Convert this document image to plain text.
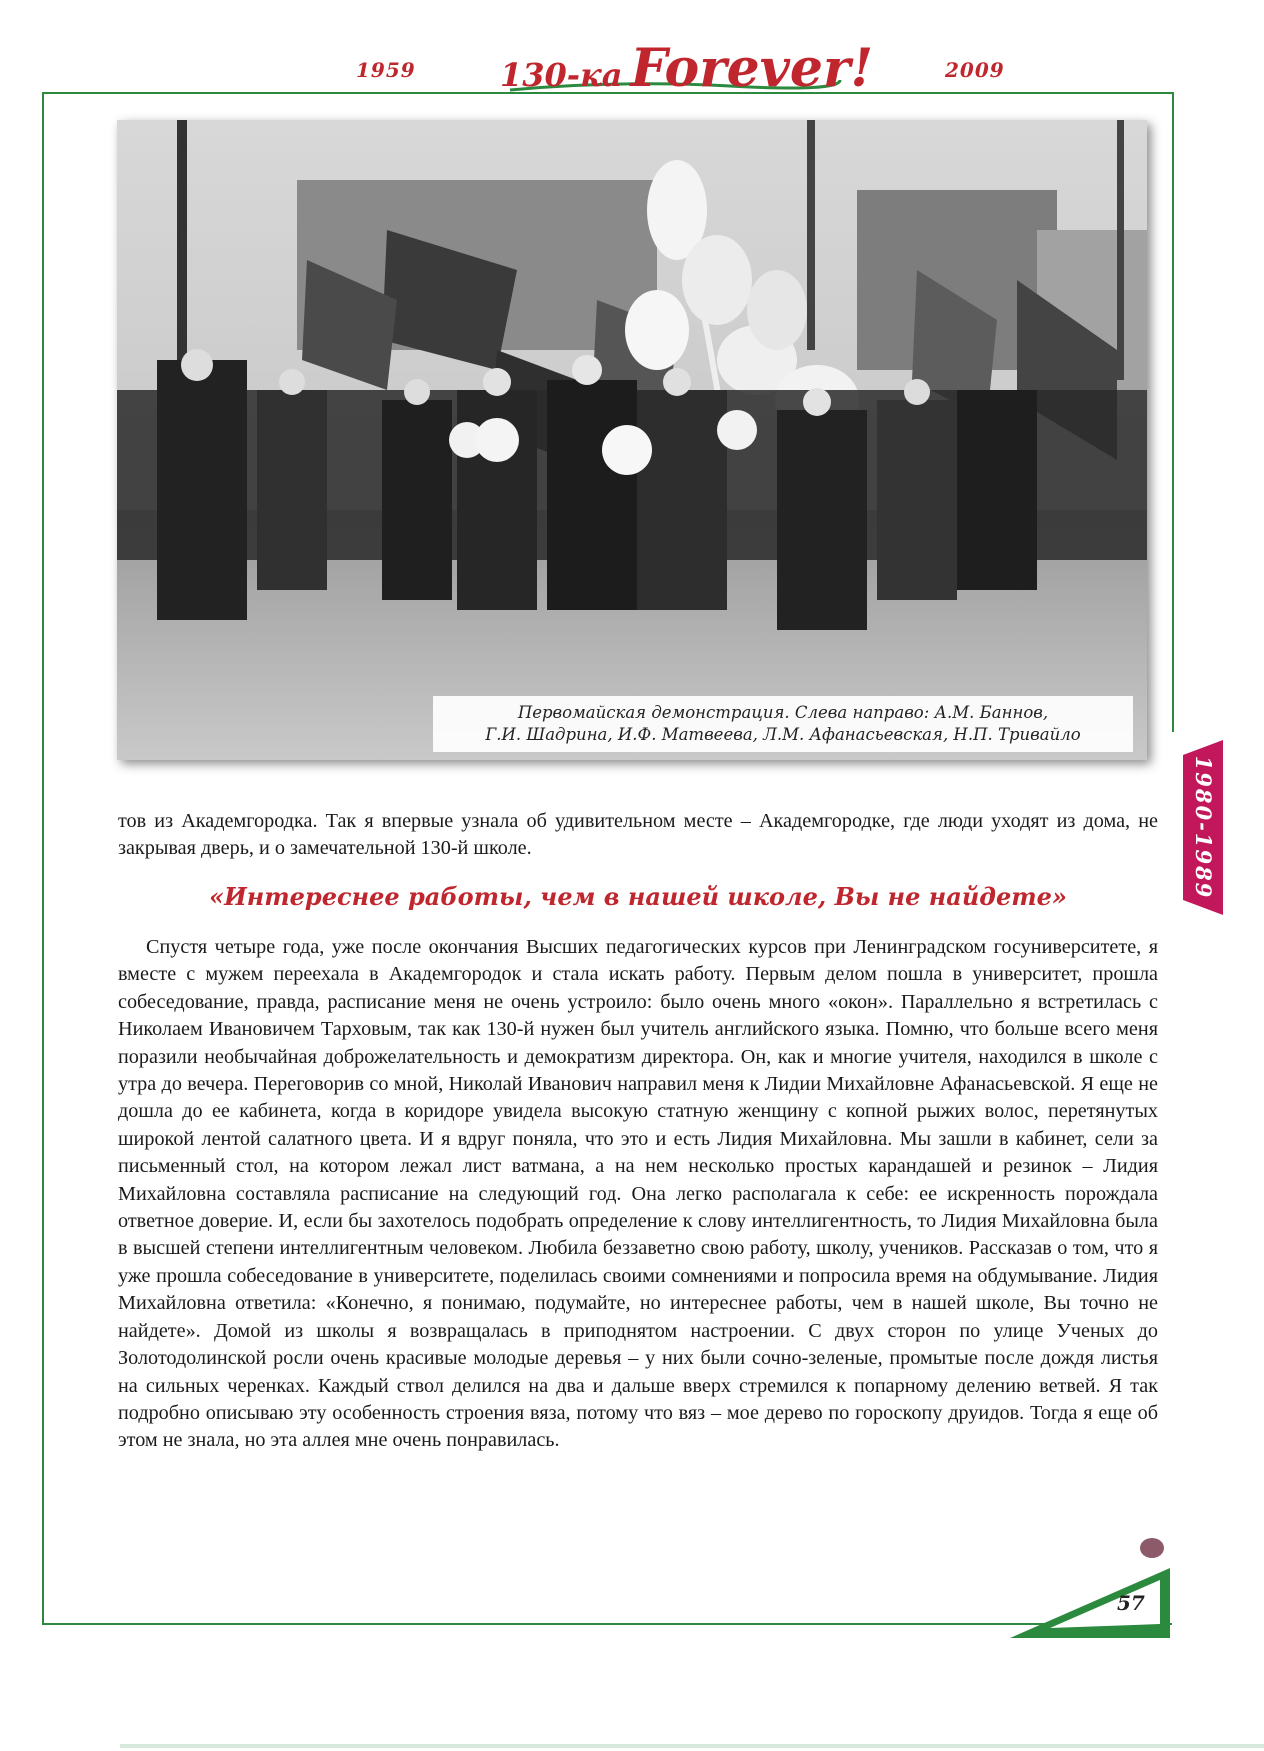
1959	130-ка Forever!	2009
Первомайская демонстрация. Слева направо: А.М. Баннов,
Г.И. Шадрина, И.Ф. Матвеева, Л.М. Афанасьевская, Н.П. Тривайло
1980-1989
тов из Академгородка. Так я впервые узнала об удивительном месте – Академгородке, где люди уходят из дома, не закрывая дверь, и о замечательной 130-й школе.
«Интереснее работы, чем в нашей школе, Вы не найдете»
Спустя четыре года, уже после окончания Высших педагогических курсов при Ленинградском госуниверситете, я вместе с мужем переехала в Академгородок и стала искать работу. Первым делом пошла в университет, прошла собеседование, правда, расписание меня не очень устроило: было очень много «окон». Параллельно я встретилась с Николаем Ивановичем Тарховым, так как 130-й нужен был учитель английского языка. Помню, что больше всего меня поразили необычайная доброжелательность и демократизм директора. Он, как и многие учителя, находился в школе с утра до вечера. Переговорив со мной, Николай Иванович направил меня к Лидии Михайловне Афанасьевской. Я еще не дошла до ее кабинета, когда в коридоре увидела высокую статную женщину с копной рыжих волос, перетянутых широкой лентой салатного цвета. И я вдруг поняла, что это и есть Лидия Михайловна. Мы зашли в кабинет, сели за письменный стол, на котором лежал лист ватмана, а на нем несколько простых карандашей и резинок – Лидия Михайловна составляла расписание на следующий год. Она легко располагала к себе: ее искренность порождала ответное доверие. И, если бы захотелось подобрать определение к слову интеллигентность, то Лидия Михайловна была в высшей степени интеллигентным человеком. Любила беззаветно свою работу, школу, учеников. Рассказав о том, что я уже прошла собеседование в университете, поделилась своими сомнениями и попросила время на обдумывание. Лидия Михайловна ответила: «Конечно, я понимаю, подумайте, но интереснее работы, чем в нашей школе, Вы точно не найдете». Домой из школы я возвращалась в приподнятом настроении. С двух сторон по улице Ученых до Золотодолинской росли очень красивые молодые деревья – у них были сочно-зеленые, промытые после дождя листья на сильных черенках. Каждый ствол делился на два и дальше вверх стремился к попарному делению ветвей. Я так подробно описываю эту особенность строения вяза, потому что вяз – мое дерево по гороскопу друидов. Тогда я еще об этом не знала, но эта аллея мне очень понравилась.
57
